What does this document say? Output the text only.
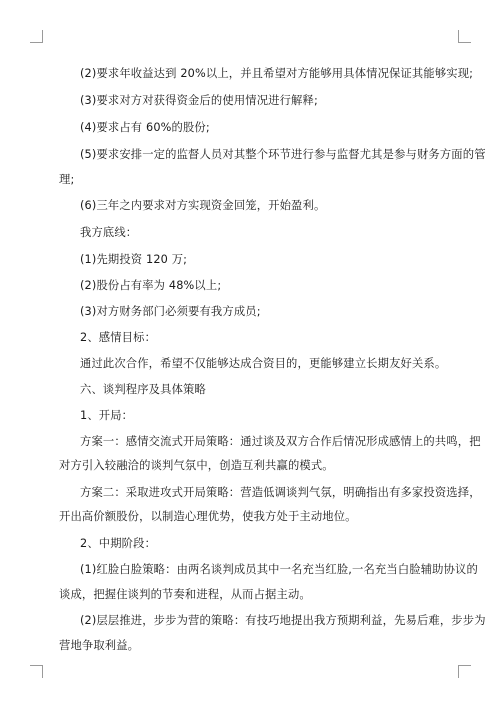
(2)要求年收益达到 20%以上，并且希望对方能够用具体情况保证其能够实现;
(3)要求对方对获得资金后的使用情况进行解释;
(4)要求占有 60%的股份;
(5)要求安排一定的监督人员对其整个环节进行参与监督尤其是参与财务方面的管
理;
(6)三年之内要求对方实现资金回笼，开始盈利。
我方底线：
(1)先期投资 120 万;
(2)股份占有率为 48%以上;
(3)对方财务部门必须要有我方成员;
2、感情目标：
通过此次合作，希望不仅能够达成合资目的，更能够建立长期友好关系。
六、谈判程序及具体策略
1、开局：
方案一：感情交流式开局策略：通过谈及双方合作后情况形成感情上的共鸣，把
对方引入较融洽的谈判气氛中，创造互利共赢的模式。
方案二：采取进攻式开局策略：营造低调谈判气氛，明确指出有多家投资选择，
开出高价额股份，以制造心理优势，使我方处于主动地位。
2、中期阶段：
(1)红脸白脸策略：由两名谈判成员其中一名充当红脸,一名充当白脸辅助协议的
谈成，把握住谈判的节奏和进程，从而占据主动。
(2)层层推进，步步为营的策略：有技巧地提出我方预期利益，先易后难，步步为
营地争取利益。
